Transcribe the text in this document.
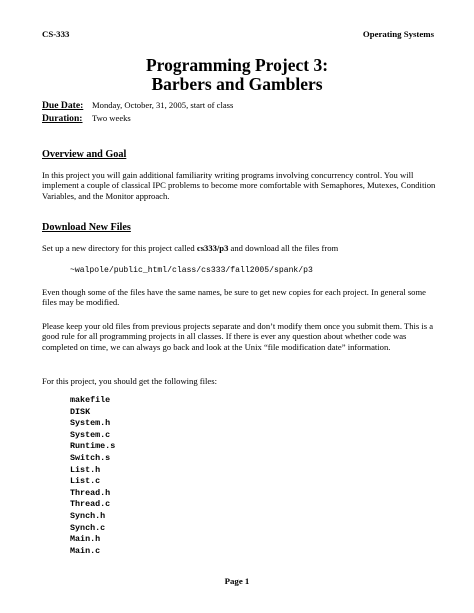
CS-333	Operating Systems
Programming Project 3:
Barbers and Gamblers
Due Date:	Monday, October, 31, 2005, start of class
Duration:	Two weeks
Overview and Goal
In this project you will gain additional familiarity writing programs involving concurrency control. You will implement a couple of classical IPC problems to become more comfortable with Semaphores, Mutexes, Condition Variables, and the Monitor approach.
Download New Files
Set up a new directory for this project called cs333/p3 and download all the files from
~walpole/public_html/class/cs333/fall2005/spank/p3
Even though some of the files have the same names, be sure to get new copies for each project. In general some files may be modified.
Please keep your old files from previous projects separate and don’t modify them once you submit them. This is a good rule for all programming projects in all classes. If there is ever any question about whether code was completed on time, we can always go back and look at the Unix “file modification date” information.
For this project, you should get the following files:
makefile
DISK
System.h
System.c
Runtime.s
Switch.s
List.h
List.c
Thread.h
Thread.c
Synch.h
Synch.c
Main.h
Main.c
Page 1
